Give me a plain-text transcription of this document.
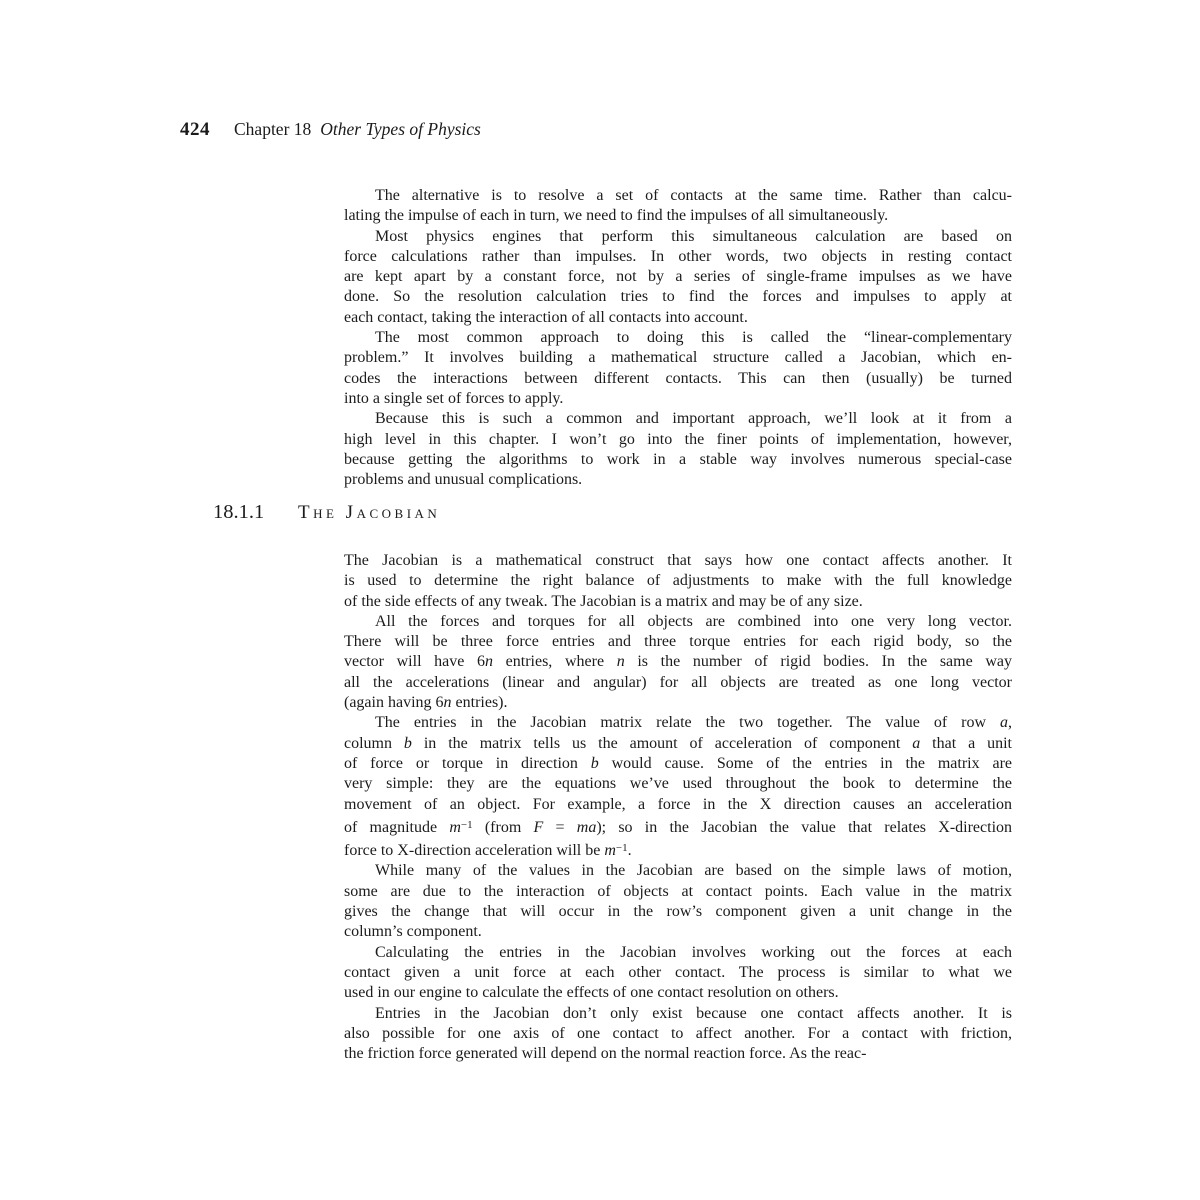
424 Chapter 18 Other Types of Physics
The alternative is to resolve a set of contacts at the same time. Rather than calcu-
lating the impulse of each in turn, we need to find the impulses of all simultaneously.
Most physics engines that perform this simultaneous calculation are based on
force calculations rather than impulses. In other words, two objects in resting contact
are kept apart by a constant force, not by a series of single-frame impulses as we have
done. So the resolution calculation tries to find the forces and impulses to apply at
each contact, taking the interaction of all contacts into account.
The most common approach to doing this is called the “linear-complementary
problem.” It involves building a mathematical structure called a Jacobian, which en-
codes the interactions between different contacts. This can then (usually) be turned
into a single set of forces to apply.
Because this is such a common and important approach, we’ll look at it from a
high level in this chapter. I won’t go into the finer points of implementation, however,
because getting the algorithms to work in a stable way involves numerous special-case
problems and unusual complications.
18.1.1 The Jacobian
The Jacobian is a mathematical construct that says how one contact affects another. It
is used to determine the right balance of adjustments to make with the full knowledge
of the side effects of any tweak. The Jacobian is a matrix and may be of any size.
All the forces and torques for all objects are combined into one very long vector.
There will be three force entries and three torque entries for each rigid body, so the
vector will have 6n entries, where n is the number of rigid bodies. In the same way
all the accelerations (linear and angular) for all objects are treated as one long vector
(again having 6n entries).
The entries in the Jacobian matrix relate the two together. The value of row a,
column b in the matrix tells us the amount of acceleration of component a that a unit
of force or torque in direction b would cause. Some of the entries in the matrix are
very simple: they are the equations we’ve used throughout the book to determine the
movement of an object. For example, a force in the X direction causes an acceleration
of magnitude $m^{-1}$ (from F = ma); so in the Jacobian the value that relates X-direction
force to X-direction acceleration will be $m^{-1}$.
While many of the values in the Jacobian are based on the simple laws of motion,
some are due to the interaction of objects at contact points. Each value in the matrix
gives the change that will occur in the row’s component given a unit change in the
column’s component.
Calculating the entries in the Jacobian involves working out the forces at each
contact given a unit force at each other contact. The process is similar to what we
used in our engine to calculate the effects of one contact resolution on others.
Entries in the Jacobian don’t only exist because one contact affects another. It is
also possible for one axis of one contact to affect another. For a contact with friction,
the friction force generated will depend on the normal reaction force. As the reac-
